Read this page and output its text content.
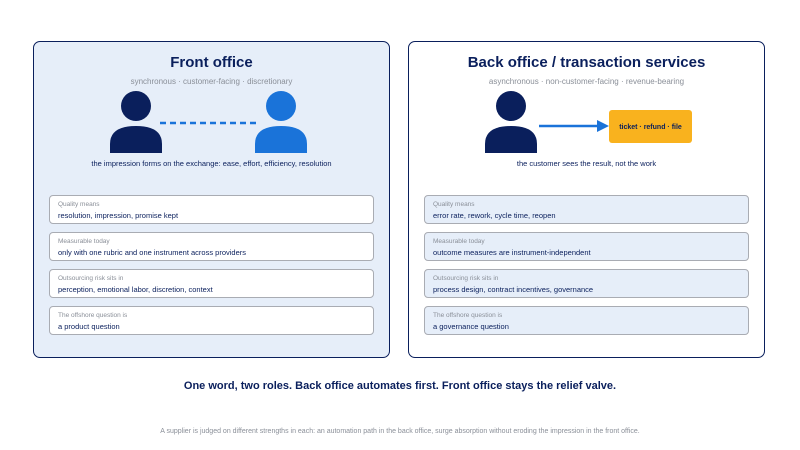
Front office
synchronous · customer-facing · discretionary
the impression forms on the exchange: ease, effort, efficiency, resolution
Quality means
resolution, impression, promise kept
Measurable today
only with one rubric and one instrument across providers
Outsourcing risk sits in
perception, emotional labor, discretion, context
The offshore question is
a product question
Back office / transaction services
asynchronous · non-customer-facing · revenue-bearing
ticket · refund · file
the customer sees the result, not the work
Quality means
error rate, rework, cycle time, reopen
Measurable today
outcome measures are instrument-independent
Outsourcing risk sits in
process design, contract incentives, governance
The offshore question is
a governance question
One word, two roles. Back office automates first. Front office stays the relief valve.
A supplier is judged on different strengths in each: an automation path in the back office, surge absorption without eroding the impression in the front office.
